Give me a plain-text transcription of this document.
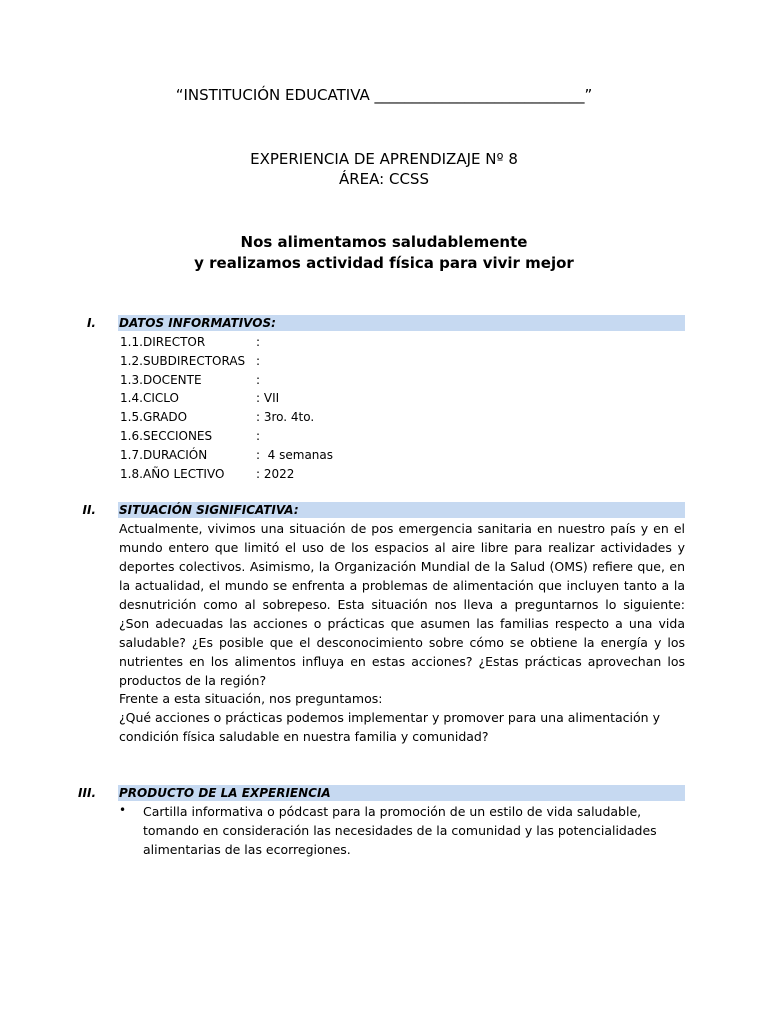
“INSTITUCIÓN EDUCATIVA ____________________________”
EXPERIENCIA DE APRENDIZAJE Nº 8
ÁREA: CCSS
Nos alimentamos saludablemente
y realizamos actividad física para vivir mejor
I. DATOS INFORMATIVOS:
1.1. DIRECTOR	:
1.2. SUBDIRECTORAS :
1.3. DOCENTE	:
1.4. CICLO	: VII
1.5. GRADO	: 3ro. 4to.
1.6. SECCIONES	:
1.7. DURACIÓN	:  4 semanas
1.8. AÑO LECTIVO	: 2022
II. SITUACIÓN SIGNIFICATIVA:
Actualmente, vivimos una situación de pos emergencia sanitaria en nuestro país y en el mundo entero que limitó el uso de los espacios al aire libre para realizar actividades y deportes colectivos. Asimismo, la Organización Mundial de la Salud (OMS) refiere que, en la actualidad, el mundo se enfrenta a problemas de alimentación que incluyen tanto a la desnutrición como al sobrepeso. Esta situación nos lleva a preguntarnos lo siguiente: ¿Son adecuadas las acciones o prácticas que asumen las familias respecto a una vida saludable? ¿Es posible que el desconocimiento sobre cómo se obtiene la energía y los nutrientes en los alimentos influya en estas acciones? ¿Estas prácticas aprovechan los productos de la región?
Frente a esta situación, nos preguntamos:
¿Qué acciones o prácticas podemos implementar y promover para una alimentación y condición física saludable en nuestra familia y comunidad?
III. PRODUCTO DE LA EXPERIENCIA
• Cartilla informativa o pódcast para la promoción de un estilo de vida saludable, tomando en consideración las necesidades de la comunidad y las potencialidades alimentarias de las ecorregiones.
